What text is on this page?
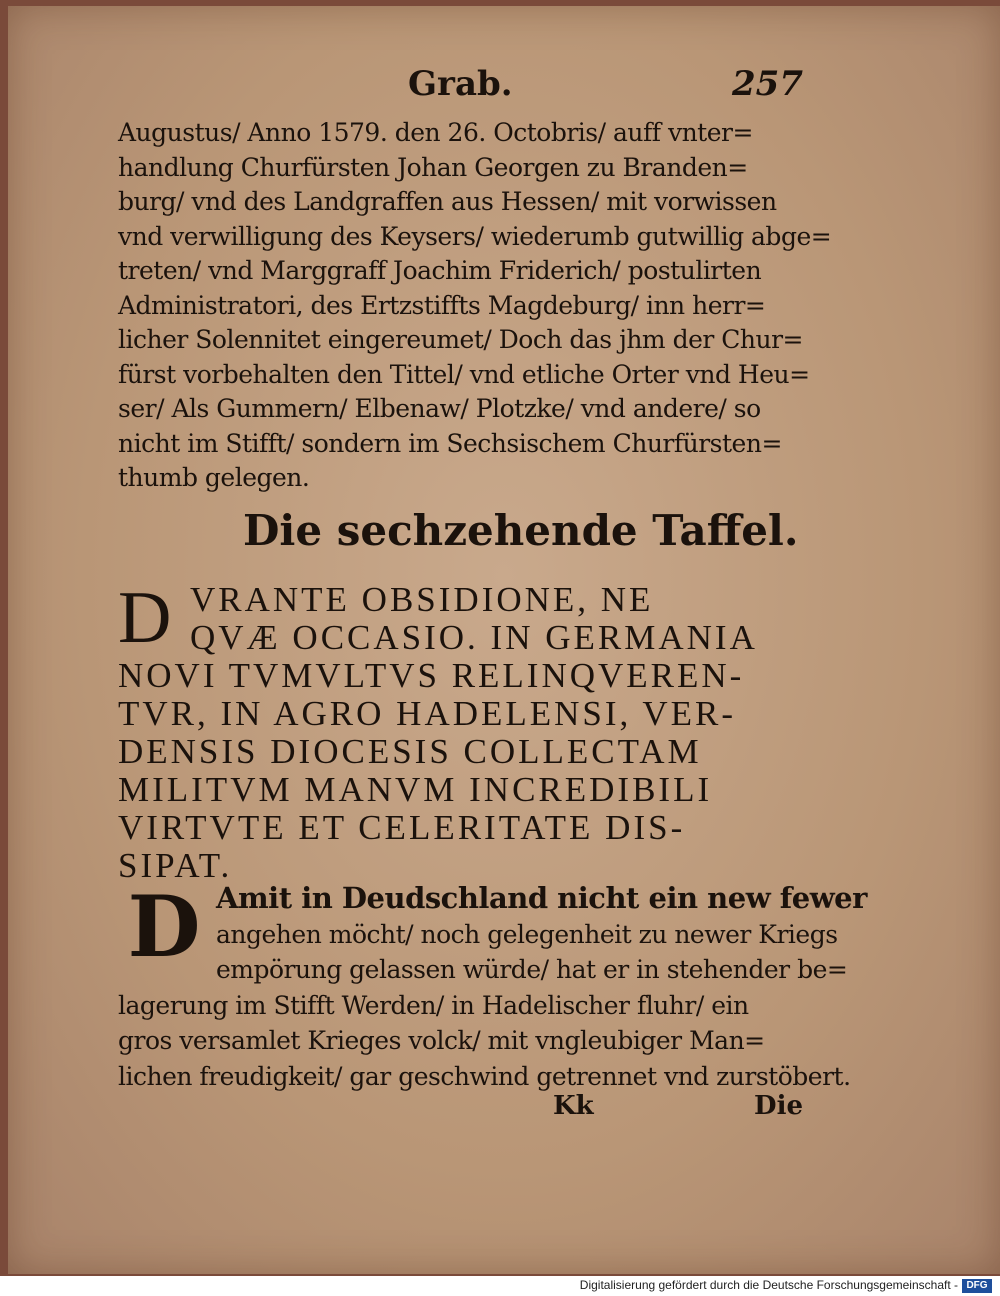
Grab.	257
Augustus/ Anno 1579. den 26. Octobris/ auff vnter=
handlung Churfürsten Johan Georgen zu Branden=
burg/ vnd des Landgraffen aus Hessen/ mit vorwissen
vnd verwilligung des Keysers/ wiederumb gutwillig abge=
treten/ vnd Marggraff Joachim Friderich/ postulirten
Administratori, des Ertzstiffts Magdeburg/ inn herr=
licher Solennitet eingereumet/ Doch das jhm der Chur=
fürst vorbehalten den Tittel/ vnd etliche Orter vnd Heu=
ser/ Als Gummern/ Elbenaw/ Plotzke/ vnd andere/ so
nicht im Stifft/ sondern im Sechsischem Churfürsten=
thumb gelegen.
Die sechzehende Taffel.
D VRANTE OBSIDIONE, NE
QVÆ OCCASIO. IN GERMANIA
NOVI TVMVLTVS RELINQVEREN-
TVR, IN AGRO HADELENSI, VER-
DENSIS DIOCESIS COLLECTAM
MILITVM MANVM INCREDIBILI
VIRTVTE ET CELERITATE DIS-
SIPAT.
D Amit in Deudschland nicht ein new fewer
angehen möcht/ noch gelegenheit zu newer Kriegs
empörung gelassen würde/ hat er in stehender be=
lagerung im Stifft Werden/ in Hadelischer fluhr/ ein
gros versamlet Krieges volck/ mit vngleubiger Man=
lichen freudigkeit/ gar geschwind getrennet vnd zurstöbert.
Kk	Die
Digitalisierung gefördert durch die Deutsche Forschungsgemeinschaft - DFG
